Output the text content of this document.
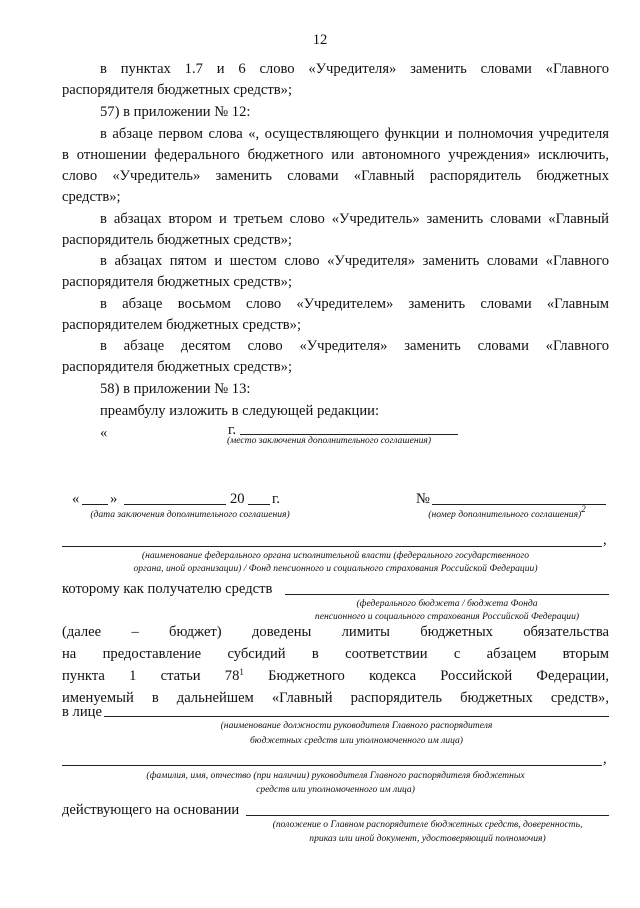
12
в пунктах 1.7 и 6 слово «Учредителя» заменить словами «Главного
распорядителя бюджетных средств»;
57) в приложении № 12:
в абзаце первом слова «, осуществляющего функции и полномочия учредителя
в отношении федерального бюджетного или автономного учреждения» исключить,
слово «Учредитель» заменить словами «Главный распорядитель бюджетных
средств»;
в абзацах втором и третьем слово «Учредитель» заменить словами «Главный
распорядитель бюджетных средств»;
в абзацах пятом и шестом слово «Учредителя» заменить словами «Главного
распорядителя бюджетных средств»;
в абзаце восьмом слово «Учредителем» заменить словами «Главным
распорядителем бюджетных средств»;
в абзаце десятом слово «Учредителя» заменить словами «Главного
распорядителя бюджетных средств»;
58) в приложении № 13:
преамбулу изложить в следующей редакции:
«	г.
(место заключения дополнительного соглашения)
« »	20 г.
(дата заключения дополнительного соглашения)
№
(номер дополнительного соглашения)$^2$
,
(наименование федерального органа исполнительной власти (федерального государственного
органа, иной организации) / Фонд пенсионного и социального страхования Российской Федерации)
которому как получателю средств
(федерального бюджета / бюджета Фонда
пенсионного и социального страхования Российской Федерации)
(далее – бюджет) доведены лимиты бюджетных обязательства
на предоставление субсидий в соответствии с абзацем вторым
пункта 1 статьи $78^1$ Бюджетного кодекса Российской Федерации,
именуемый в дальнейшем «Главный распорядитель бюджетных средств»,
в лице
(наименование должности руководителя Главного распорядителя
бюджетных средств или уполномоченного им лица)
,
(фамилия, имя, отчество (при наличии) руководителя Главного распорядителя бюджетных
средств или уполномоченного им лица)
действующего на основании
(положение о Главном распорядителе бюджетных средств, доверенность,
приказ или иной документ, удостоверяющий полномочия)
